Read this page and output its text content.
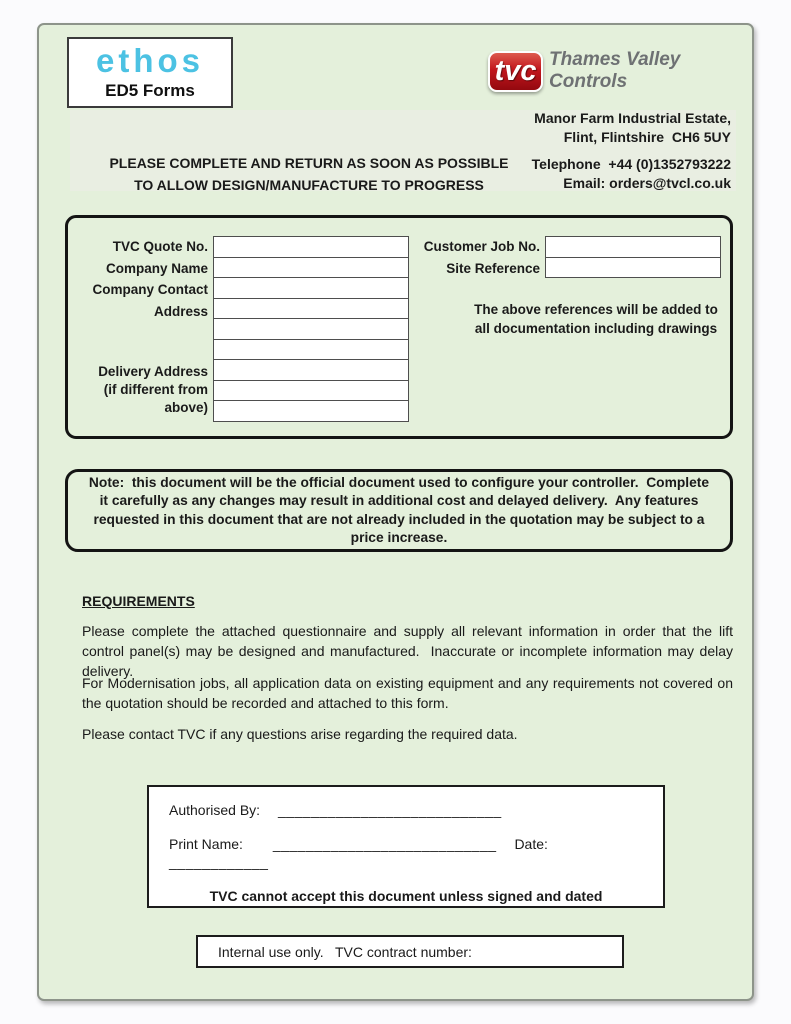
ethos
ED5 Forms
tvc Thames Valley Controls
Manor Farm Industrial Estate,
Flint, Flintshire  CH6 5UY
Telephone  +44 (0)1352793222
Email: orders@tvcl.co.uk
PLEASE COMPLETE AND RETURN AS SOON AS POSSIBLE
TO ALLOW DESIGN/MANUFACTURE TO PROGRESS
TVC Quote No.
Company Name
Company Contact
Address
Delivery Address
(if different from
above)
Customer Job No.
Site Reference
The above references will be added to
all documentation including drawings
Note:  this document will be the official document used to configure your controller.  Complete it carefully as any changes may result in additional cost and delayed delivery.  Any features requested in this document that are not already included in the quotation may be subject to a price increase.
REQUIREMENTS
Please complete the attached questionnaire and supply all relevant information in order that the lift control panel(s) may be designed and manufactured.  Inaccurate or incomplete information may delay delivery.
For Modernisation jobs, all application data on existing equipment and any requirements not covered on the quotation should be recorded and attached to this form.
Please contact TVC if any questions arise regarding the required data.
Authorised By: ___________________________
Print Name: ___________________________ Date: ____________
TVC cannot accept this document unless signed and dated
Internal use only.   TVC contract number:
